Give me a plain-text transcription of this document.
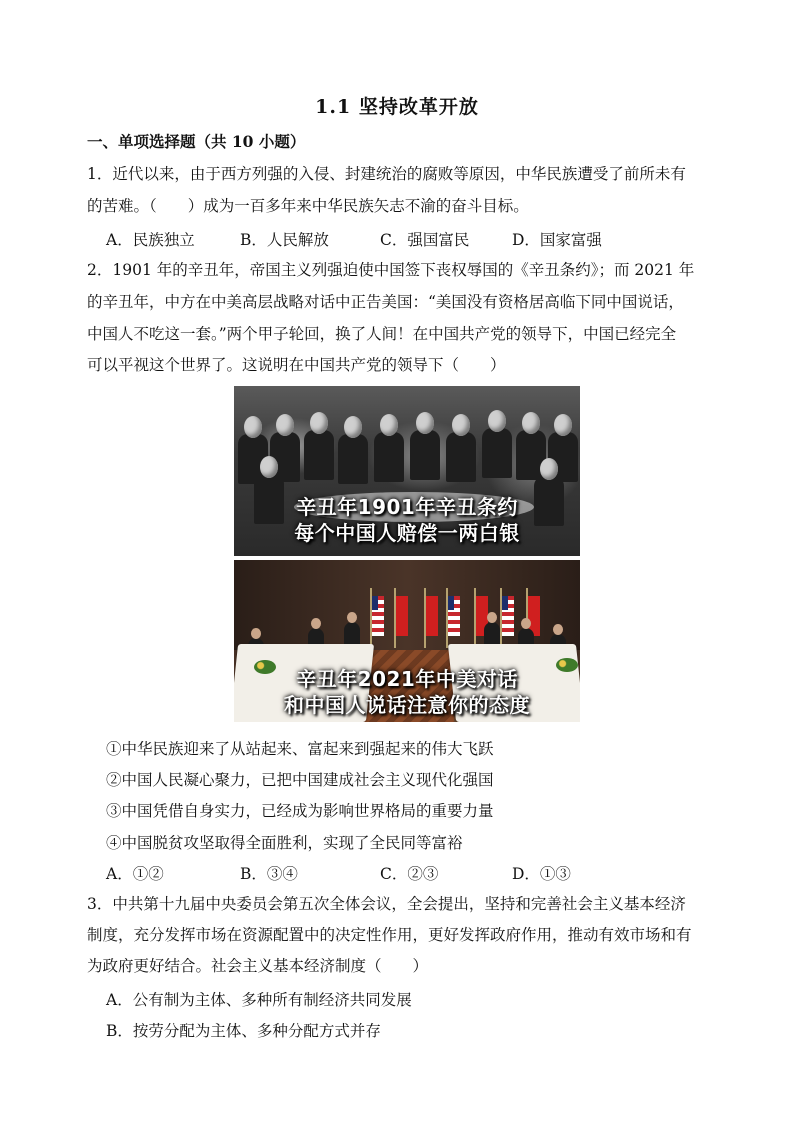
1.1 坚持改革开放
一、单项选择题（共 10 小题）
1．近代以来，由于西方列强的入侵、封建统治的腐败等原因，中华民族遭受了前所未有
的苦难。（　　）成为一百多年来中华民族矢志不渝的奋斗目标。
A．民族独立	B．人民解放	C．强国富民	D．国家富强
2．1901 年的辛丑年，帝国主义列强迫使中国签下丧权辱国的《辛丑条约》；而 2021 年
的辛丑年，中方在中美高层战略对话中正告美国：“美国没有资格居高临下同中国说话，
中国人不吃这一套。”两个甲子轮回，换了人间！在中国共产党的领导下，中国已经完全
可以平视这个世界了。这说明在中国共产党的领导下（　　）
辛丑年1901年辛丑条约
每个中国人赔偿一两白银
辛丑年2021年中美对话
和中国人说话注意你的态度
①中华民族迎来了从站起来、富起来到强起来的伟大飞跃
②中国人民凝心聚力，已把中国建成社会主义现代化强国
③中国凭借自身实力，已经成为影响世界格局的重要力量
④中国脱贫攻坚取得全面胜利，实现了全民同等富裕
A．①②	B．③④	C．②③	D．①③
3．中共第十九届中央委员会第五次全体会议，全会提出，坚持和完善社会主义基本经济
制度，充分发挥市场在资源配置中的决定性作用，更好发挥政府作用，推动有效市场和有
为政府更好结合。社会主义基本经济制度（　　）
A．公有制为主体、多种所有制经济共同发展
B．按劳分配为主体、多种分配方式并存
